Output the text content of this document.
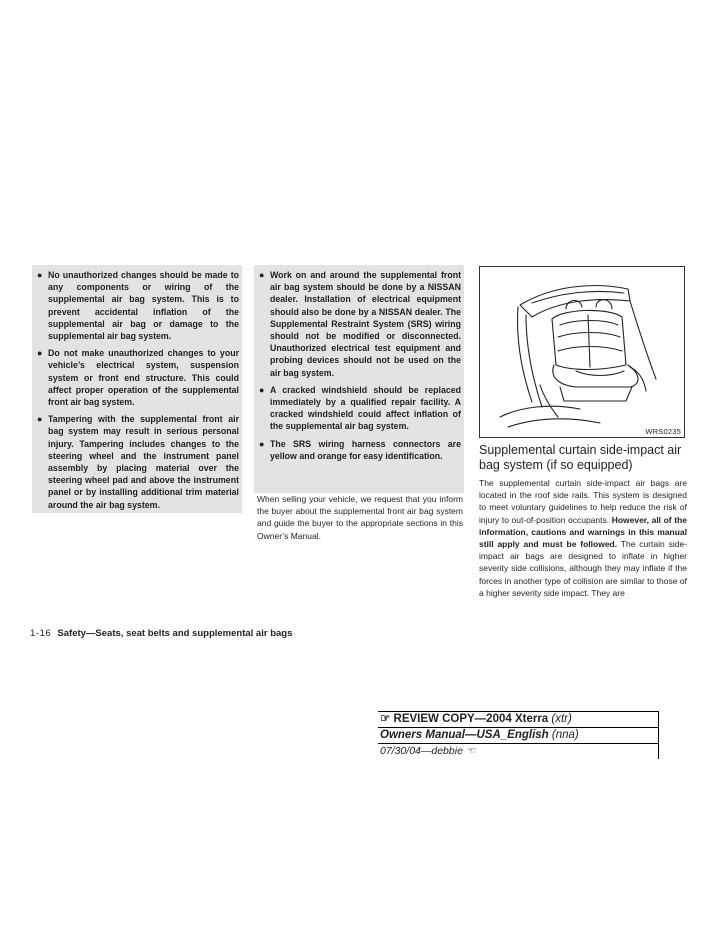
● No unauthorized changes should be made to any components or wiring of the supplemental air bag system. This is to prevent accidental inflation of the supplemental air bag or damage to the supplemental air bag system.
● Do not make unauthorized changes to your vehicle’s electrical system, suspension system or front end structure. This could affect proper operation of the supplemental front air bag system.
● Tampering with the supplemental front air bag system may result in serious personal injury. Tampering includes changes to the steering wheel and the instrument panel assembly by placing material over the steering wheel pad and above the instrument panel or by installing additional trim material around the air bag system.
● Work on and around the supplemental front air bag system should be done by a NISSAN dealer. Installation of electrical equipment should also be done by a NISSAN dealer. The Supplemental Restraint System (SRS) wiring should not be modified or disconnected. Unauthorized electrical test equipment and probing devices should not be used on the air bag system.
● A cracked windshield should be replaced immediately by a qualified repair facility. A cracked windshield could affect inflation of the supplemental air bag system.
● The SRS wiring harness connectors are yellow and orange for easy identification.

When selling your vehicle, we request that you inform the buyer about the supplemental front air bag system and guide the buyer to the appropriate sections in this Owner’s Manual.

WRS0235
Supplemental curtain side-impact air bag system (if so equipped)

The supplemental curtain side-impact air bags are located in the roof side rails. This system is designed to meet voluntary guidelines to help reduce the risk of injury to out-of-position occupants. However, all of the information, cautions and warnings in this manual still apply and must be followed. The curtain side-impact air bags are designed to inflate in higher severity side collisions, although they may inflate if the forces in another type of collision are similar to those of a higher severity side impact. They are

1-16 Safety—Seats, seat belts and supplemental air bags
☞ REVIEW COPY—2004 Xterra (xtr)
Owners Manual—USA_English (nna)
07/30/04—debbie ☜
